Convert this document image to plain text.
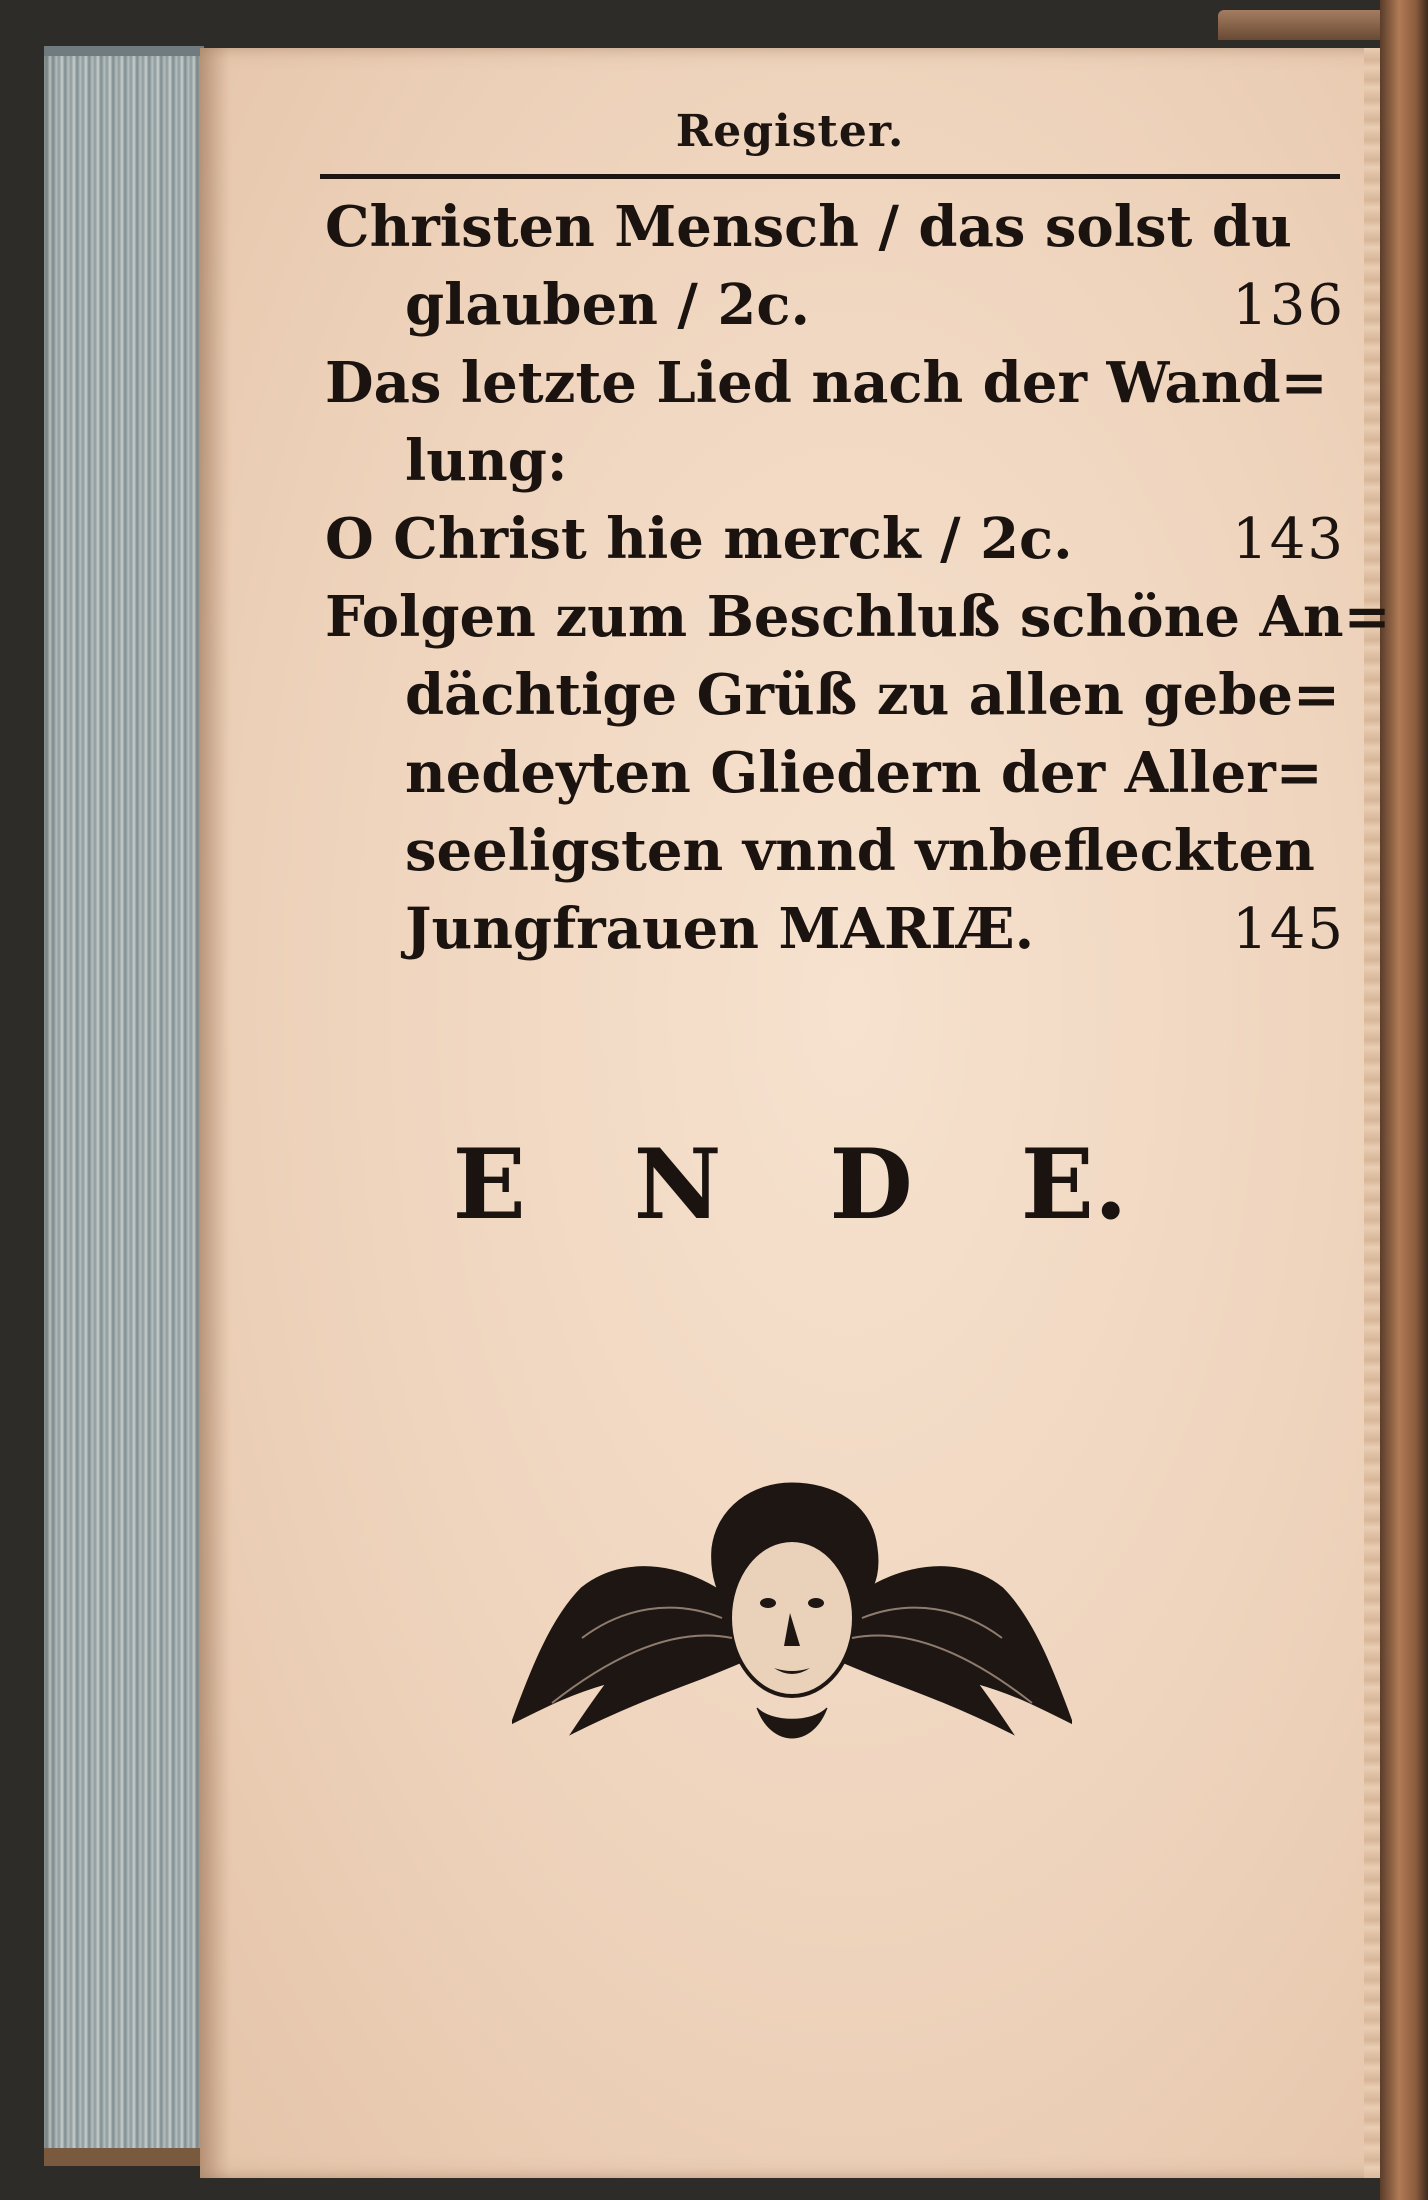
Register.
Christen Mensch / das solst du
glauben / 2c.	136
Das letzte Lied nach der Wand=
lung:
O Christ hie merck / 2c.	143
Folgen zum Beschluß schöne An=
dächtige Grüß zu allen gebe=
nedeyten Gliedern der Aller=
seeligsten vnnd vnbefleckten
Jungfrauen MARIÆ.	145
E N D E.
